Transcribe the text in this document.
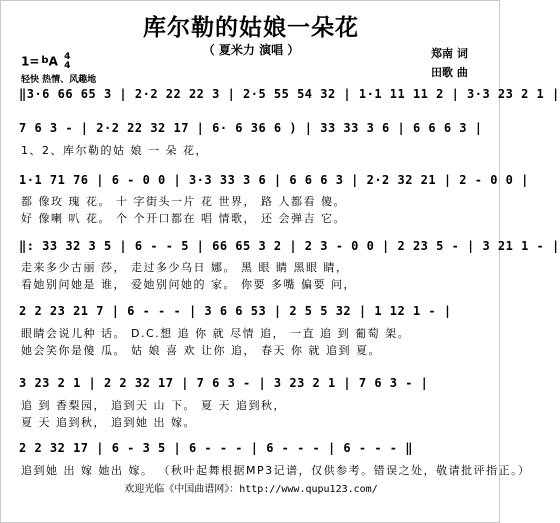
库尔勒的姑娘一朵花
（ 夏米力 演唱 ）	郑南 词
田歌 曲
1= $^b$A 4
4
轻快 热情、风趣地
‖3·6 66 65 3 | 2·2 22 22 3 | 2·5 55 54 32 | 1·1 11 11 2 | 3·3 23 2 1 |
7 6 3 - | 2·2 22 32 17 | 6· 6 36 6 ) | 33 33 3 6 | 6 6 6 3 |
1、2、库尔勒的姑 娘 一 朵 花，
1·1 71 76 | 6 - 0 0 | 3·3 33 3 6 | 6 6 6 3 | 2·2 32 21 | 2 - 0 0 |
都 像玫 瑰 花。 十 字街头一片 花 世界， 路 人都看 傻。
好 像喇 叭 花。 个 个开口都在 唱 情歌， 还 会弹吉 它。
‖: 33 32 3 5 | 6 - - 5 | 66 65 3 2 | 2 3 - 0 0 | 2 23 5 - | 3 21 1 - |
走来多少古丽 莎， 走过多少乌日 娜。 黑 眼 睛 黑眼 睛，
看她别问她是 谁， 爱她别问她的 家。 你要 多嘴 偏要 问，
2 2 23 21 7 | 6 - - - | 3 6 6 53 | 2 5 5 32 | 1 12 1 - |
眼睛会说儿种 话。 D.C.想 追 你 就 尽情 追， 一直 追 到 葡萄 架。
她会笑你是傻 瓜。 姑 娘 喜 欢 让你 追， 春天 你 就 追到 夏。
3 23 2 1 | 2 2 32 17 | 7 6 3 - | 3 23 2 1 | 7 6 3 - |
追 到 香梨园， 追到天 山 下。 夏 天 追到秋，
夏 天 追到秋， 追到她 出 嫁。
2 2 32 17 | 6 - 3 5 | 6 - - - | 6 - - - | 6 - - - ‖
追到她 出 嫁 她出 嫁。 （秋叶起舞根据MP3记谱，仅供参考。错误之处，敬请批评指正。）
欢迎光临《中国曲谱网》：http://www.qupu123.com/
